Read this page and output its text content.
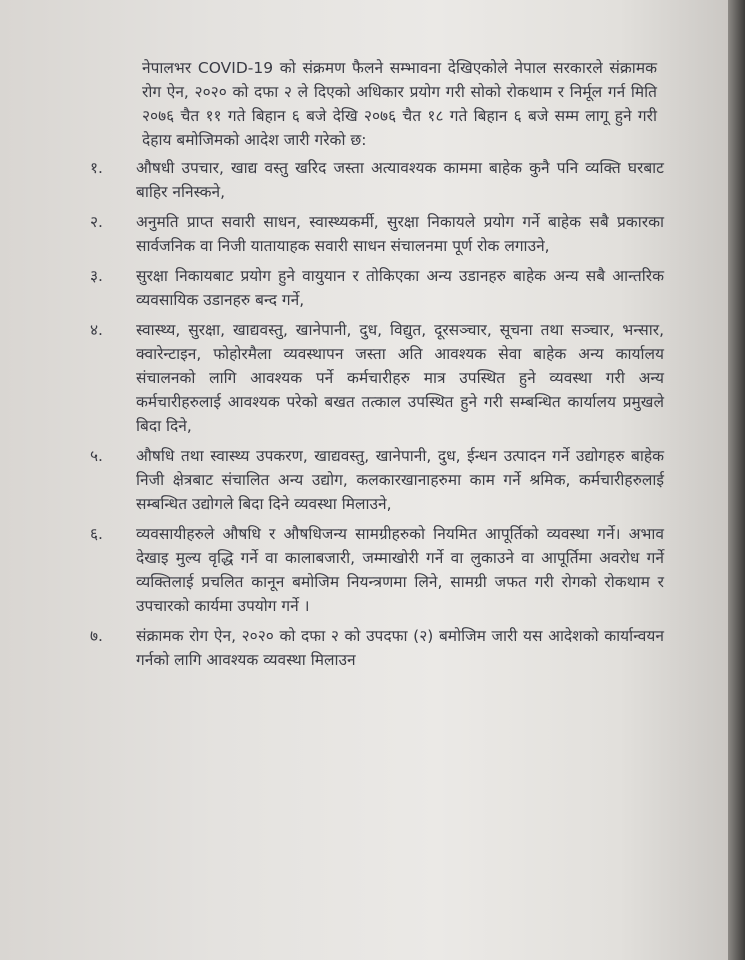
नेपालभर COVID-19 को संक्रमण फैलने सम्भावना देखिएकोले नेपाल सरकारले संक्रामक रोग ऐन, २०२० को दफा २ ले दिएको अधिकार प्रयोग गरी सोको रोकथाम र निर्मूल गर्न मिति २०७६ चैत ११ गते बिहान ६ बजे देखि २०७६ चैत १८ गते बिहान ६ बजे सम्म लागू हुने गरी देहाय बमोजिमको आदेश जारी गरेको छ:
१.	औषधी उपचार, खाद्य वस्तु खरिद जस्ता अत्यावश्यक काममा बाहेक कुनै पनि व्यक्ति घरबाट बाहिर ननिस्कने,
२.	अनुमति प्राप्त सवारी साधन, स्वास्थ्यकर्मी, सुरक्षा निकायले प्रयोग गर्ने बाहेक सबै प्रकारका सार्वजनिक वा निजी यातायाहक सवारी साधन संचालनमा पूर्ण रोक लगाउने,
३.	सुरक्षा निकायबाट प्रयोग हुने वायुयान र तोकिएका अन्य उडानहरु बाहेक अन्य सबै आन्तरिक व्यवसायिक उडानहरु बन्द गर्ने,
४.	स्वास्थ्य, सुरक्षा, खाद्यवस्तु, खानेपानी, दुध, विद्युत, दूरसञ्चार, सूचना तथा सञ्चार, भन्सार, क्वारेन्टाइन, फोहोरमैला व्यवस्थापन जस्ता अति आवश्यक सेवा बाहेक अन्य कार्यालय संचालनको लागि आवश्यक पर्ने कर्मचारीहरु मात्र उपस्थित हुने व्यवस्था गरी अन्य कर्मचारीहरुलाई आवश्यक परेको बखत तत्काल उपस्थित हुने गरी सम्बन्धित कार्यालय प्रमुखले बिदा दिने,
५.	औषधि तथा स्वास्थ्य उपकरण, खाद्यवस्तु, खानेपानी, दुध, ईन्धन उत्पादन गर्ने उद्योगहरु बाहेक निजी क्षेत्रबाट संचालित अन्य उद्योग, कलकारखानाहरुमा काम गर्ने श्रमिक, कर्मचारीहरुलाई सम्बन्धित उद्योगले बिदा दिने व्यवस्था मिलाउने,
६.	व्यवसायीहरुले औषधि र औषधिजन्य सामग्रीहरुको नियमित आपूर्तिको व्यवस्था गर्ने। अभाव देखाइ मुल्य वृद्धि गर्ने वा कालाबजारी, जम्माखोरी गर्ने वा लुकाउने वा आपूर्तिमा अवरोध गर्ने व्यक्तिलाई प्रचलित कानून बमोजिम नियन्त्रणमा लिने, सामग्री जफत गरी रोगको रोकथाम र उपचारको कार्यमा उपयोग गर्ने ।
७.	संक्रामक रोग ऐन, २०२० को दफा २ को उपदफा (२) बमोजिम जारी यस आदेशको कार्यान्वयन गर्नको लागि आवश्यक व्यवस्था मिलाउन
